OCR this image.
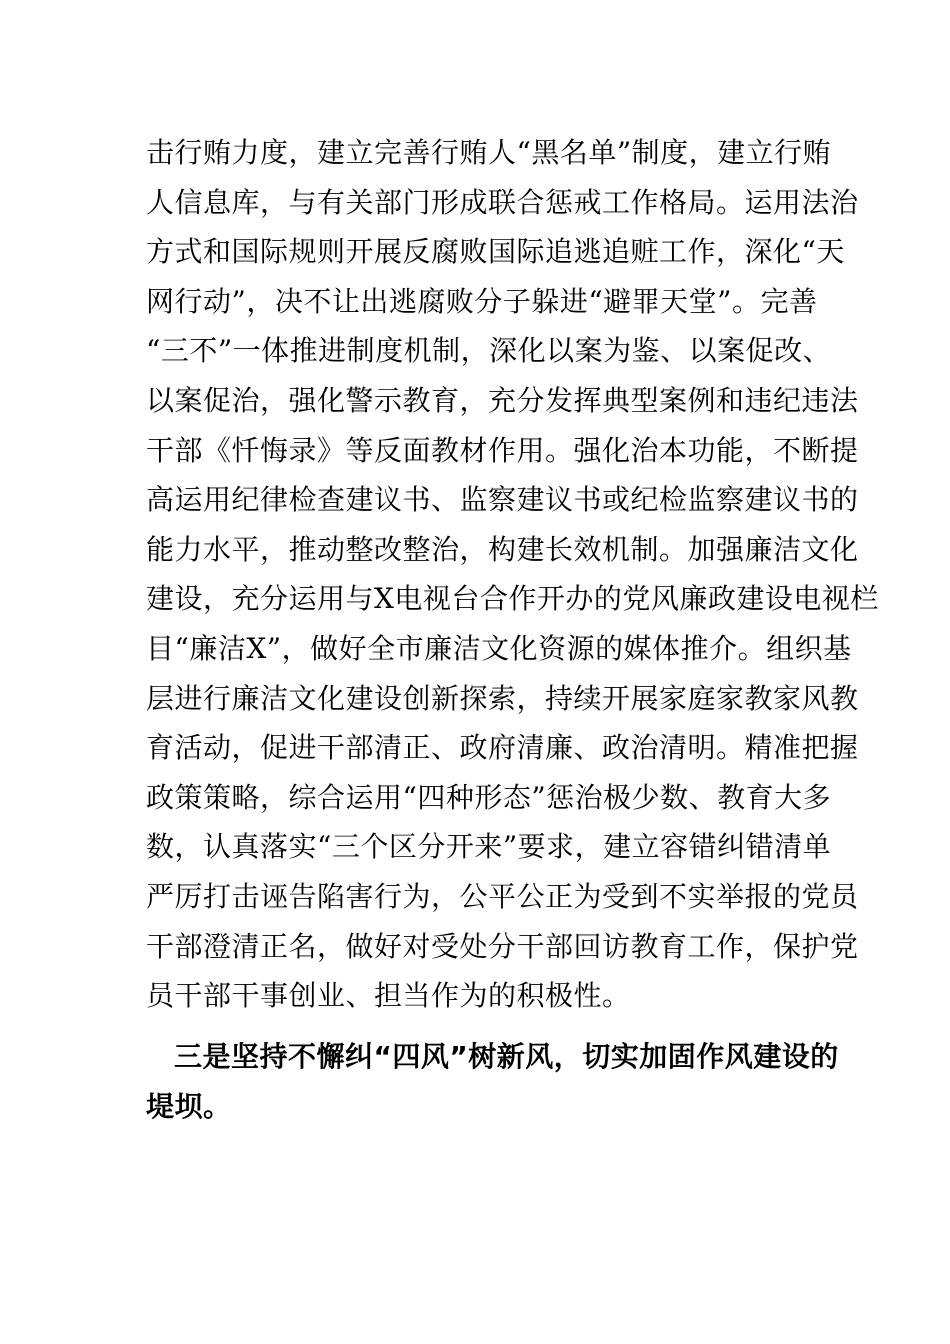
击行贿力度，建立完善行贿人“黑名单”制度，建立行贿
人信息库，与有关部门形成联合惩戒工作格局。运用法治
方式和国际规则开展反腐败国际追逃追赃工作，深化“天
网行动”，决不让出逃腐败分子躲进“避罪天堂”。完善
“三不”一体推进制度机制，深化以案为鉴、以案促改、
以案促治，强化警示教育，充分发挥典型案例和违纪违法
干部《忏悔录》等反面教材作用。强化治本功能，不断提
高运用纪律检查建议书、监察建议书或纪检监察建议书的
能力水平，推动整改整治，构建长效机制。加强廉洁文化
建设，充分运用与X电视台合作开办的党风廉政建设电视栏
目“廉洁X”，做好全市廉洁文化资源的媒体推介。组织基
层进行廉洁文化建设创新探索，持续开展家庭家教家风教
育活动，促进干部清正、政府清廉、政治清明。精准把握
政策策略，综合运用“四种形态”惩治极少数、教育大多
数，认真落实“三个区分开来”要求，建立容错纠错清单
严厉打击诬告陷害行为，公平公正为受到不实举报的党员
干部澄清正名，做好对受处分干部回访教育工作，保护党
员干部干事创业、担当作为的积极性。
三是坚持不懈纠“四风”树新风，切实加固作风建设的
堤坝。
